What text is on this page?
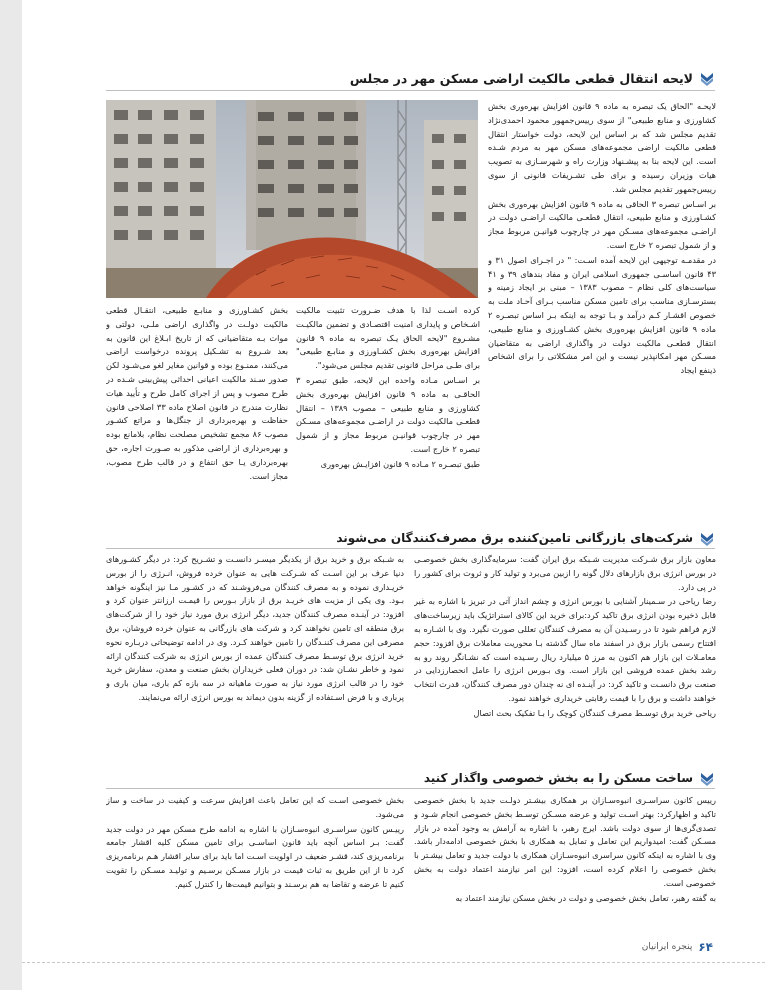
لایحه انتقال قطعی مالکیت اراضی مسکن مهر در مجلس

لایحـه "الحاق یک تبصره به ماده ۹ قانون افزایش بهره‌وری بخش کشاورزی و منابع طبیعی" از سوی رییس‌جمهور محمود احمدی‌نژاد تقدیم مجلس شد که بر اساس این لایحه، دولت خواستار انتقال قطعی مالکیت اراضی مجموعه‌های مسکن مهر به مردم شـده است. این لایحه بنا به پیشـنهاد وزارت راه و شهرسـازی به تصویب هیات وزیران رسیده و برای طی تشـریفات قانونی از سوی رییس‌جمهور تقدیم مجلس شد.

بر اسـاس تبصره ۳ الحاقی به ماده ۹ قانون افزایش بهره‌وری بخش کشـاورزی و منابع طبیعی، انتقال قطعـی مالکیت اراضـی دولت در اراضـی مجموعه‌های مسـکن مهر در چارچوب قوانیـن مربوط مجاز و از شمول تبصره ۲ خارج است.

در مقدمـه توجیهی این لایحه آمده اسـت: " در اجـرای اصول ۳۱ و ۴۳ قانون اساسـی جمهوری اسلامی ایران و مفاد بندهای ۳۹ و ۴۱ سیاست‌های کلی نظام – مصوب ۱۳۸۳ – مبنی بر ایجاد زمینه و بسترسـازی مناسب برای تامین مسکن مناسب بـرای آحـاد ملت به خصوص اقشـار کـم درآمد و بـا توجه به اینکه بـر اساس تبصـره ۲ ماده ۹ قانون افزایش بهره‌وری بخش کشـاورزی و منابع طبیعی، انتقال قطعـی مالکیت دولت در واگذاری اراضی به متقاضیان مسـکن مهر امکانپذیر نیست و این امر مشکلاتی را برای اشخاص ذینفع ایجاد

کرده اسـت لذا با هدف ضـرورت تثبیت مالکیت اشـخاص و پایداری امنیت اقتصـادی و تضمین مالکیـت مشـروع "لایحه الحاق یـک تبصره به ماده ۹ قانون افزایش بهره‌وری بخش کشـاورزی و منابـع طبیعی" برای طـی مراحل قانونی تقدیم مجلس می‌شود".

بر اسـاس مـاده واحده این لایحه، طبق تبصره ۳ الحاقـی به ماده ۹ قانون افزایش بهره‌وری بخش کشاورزی و منابع طبیعی – مصوب ۱۳۸۹ – انتقال قطعـی مالکیت دولت در اراضـی مجموعه‌های مسـکن مهر در چارچوب قوانیـن مربوط مجاز و از شمول تبصره ۲ خارج است.

طبق تبصـره ۲ مـاده ۹ قانون افزایـش بهره‌وری

بخش کشـاورزی و منابـع طبیعی، انتقـال قطعی مالکیت دولـت در واگذاری اراضی ملـی، دولتی و موات بـه متقاضیانی که از تاریخ ابـلاغ این قانون به بعد شـروع به تشـکیل پرونده درخواست اراضی می‌کنند، ممنـوع بوده و قوانین مغایر لغو می‌شـود لکن صدور سـند مالکیت اعیانی احداثی پیش‌بینی شـده در طرح مصوب و پس از اجرای کامل طرح و تأیید هیات نظارت مندرج در قانون اصلاح ماده ۳۳ اصلاحی قانون حفاظت و بهره‌برداری از جنگل‌ها و مراتع کشـور مصوب ۸۶ مجمع تشخیص مصلحت نظام، بلامانع بوده و بهره‌برداری از اراضی مذکور به صـورت اجاره، حق بهره‌برداری یـا حق انتفاع و در قالب طرح مصوب، مجاز است.

شرکت‌های بازرگانی تامین‌کننده برق مصرف‌کنندگان می‌شوند

معاون بازار برق شـرکت مدیریت شـبکه برق ایران گفت: سرمایه‌گذاری بخش خصوصـی در بورس انرژی برق بازارهای دلال گونه را ازبین می‌برد و تولید کار و ثروت برای کشور را در پی دارد.

رضا ریاحی در سـمینار آشنایی با بورس انرژی و چشم انداز آتی در تبریز با اشاره به غیر قابل ذخیره بودن انرژی برق تاکید کرد:برای خرید این کالای استراتژیک باید زیرساخت‌های لازم فراهم شود تا در رسـیدن آن به مصرف کنندگان تعللی صورت نگیرد. وی با اشـاره به افتتاح رسمی بازار برق در اسفند ماه سال گذشته بـا محوریت معاملات برق افزود: حجم معامـلات این بازار هم اکنون به مرز ۵ میلیارد ریال رسـیده است که نشـانگر روند رو به رشد بخش عمده فروشی این بازار است. وی بـورس انرژی را عامل انحصارزدایی در صنعت برق دانسـت و تاکید کرد: در آینـده ای نه چندان دور مصرف کنندگان، قدرت انتخاب خواهند داشت و برق را با قیمت رقابتی خریداری خواهند نمود.

ریاحی خرید برق توسـط مصرف کنندگان کوچک را بـا تفکیک بحث اتصال

به شـبکه برق و خرید برق از یکدیگر میسـر دانسـت و تشـریح کرد: در دیگر کشـورهای دنیا عرف بر این اسـت که شـرکت هایی به عنوان خرده فروش، انـرژی را از بورس خریـداری نموده و به مصرف کنندگان می‌فروشـند که در کشـور مـا نیز اینگونه خواهد بـود. وی یکی از مزیت های خریـد برق از بازار بـورس را قیمـت ارزانتر عنوان کرد و افزود: در آینـده مصرف کنندگان جدید، دیگر انرژی برق مورد نیاز خود را از شرکت‌های برق منطقه ای تامین نخواهند کرد و شرکت های بازرگانی به عنوان خرده فروشان، برق مصرفی این مصرف کننـدگان را تامین خواهند کـرد. وی در ادامه توضیحاتی دربـاره نحوه خرید انرژی برق توسـط مصرف کنندگان عمده از بورس انرژی به شرکت کنندگان ارائه نمود و خاطر نشـان شد: در دوران فعلی خریداران بخش صنعت و معدن، سفارش خرید خود را در قالب انرژی مورد نیاز به صورت ماهیانه در سه بازه کم باری، میان باری و پرباری و با فرض اسـتفاده از گزینه بدون دیماند به بورس انرژی ارائه می‌نمایند.

ساخت مسکن را به بخش خصوصی واگذار کنید

رییس کانون سراسـری انبوه‌سـازان بر همکاری بیشـتر دولـت جدید با بخش خصوصی تاکید و اظهارکرد: بهتر اسـت تولید و عرضه مسـکن توسـط بخش خصوصی انجام شـود و تصدی‌گری‌ها از سوی دولت باشد. ایرج رهبر، با اشاره به آرامش به وجود آمده در بازار مسـکن گفت: امیدواریم این تعامل و تمایل به همکاری با بخش خصوصی ادامه‌دار باشد. وی با اشاره به اینکه کانون سراسری انبوه‌سـازان همکاری با دولت جدید و تعامل بیشـتر با بخش خصوصی را اعلام کرده است، افزود: این امر نیازمند اعتماد دولت به بخش خصوصی است.

به گفته رهبر، تعامل بخش خصوصی و دولت در بخش مسکن نیازمند اعتماد به

بخش خصوصی اسـت که این تعامل باعث افزایش سرعت و کیفیت در ساخت و ساز می‌شود.

رییـس کانون سراسـری انبوه‌سـازان با اشاره به ادامه طرح مسکن مهر در دولت جدید گفت: بـر اساس آنچه باید قانون اساسـی برای تامین مسکن کلیه اقشار جامعه برنامه‌ریزی کند، قشـر ضعیف در اولویت اسـت اما باید برای سایر اقشار هـم برنامه‌ریزی کرد تا از این طریق به ثبات قیمت در بازار مسـکن برسـیم و تولیـد مسـکن را تقویت کنیم تا عرضه و تقاضا به هم برسـند و بتوانیم قیمت‌ها را کنترل کنیم.

۶۴
پنجره ایرانیان
